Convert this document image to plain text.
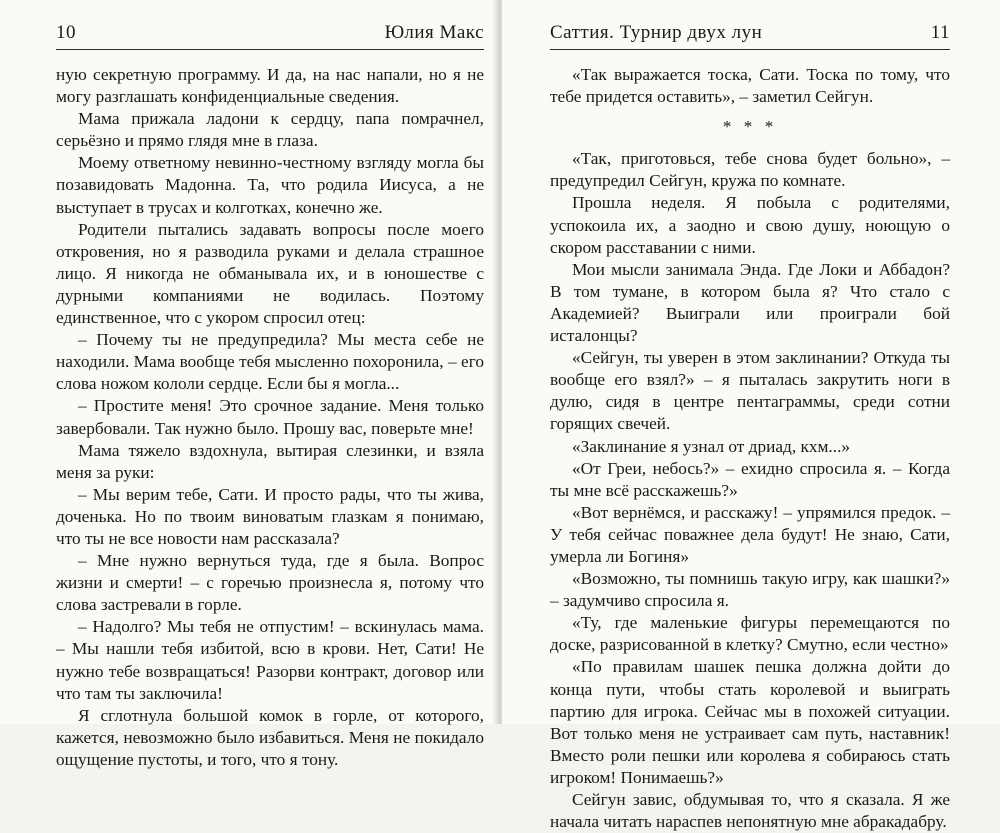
10	Юлия Макс

ную секретную программу. И да, на нас напали, но я не могу разглашать конфиденциальные сведения.

Мама прижала ладони к сердцу, папа помрачнел, серьёзно и прямо глядя мне в глаза.

Моему ответному невинно-честному взгляду могла бы позавидовать Мадонна. Та, что родила Иисуса, а не выступает в трусах и колготках, конечно же.

Родители пытались задавать вопросы после моего откровения, но я разводила руками и делала страшное лицо. Я никогда не обманывала их, и в юношестве с дурными компаниями не водилась. Поэтому единственное, что с укором спросил отец:

– Почему ты не предупредила? Мы места себе не находили. Мама вообще тебя мысленно похоронила, – его слова ножом кололи сердце. Если бы я могла...

– Простите меня! Это срочное задание. Меня только завербовали. Так нужно было. Прошу вас, поверьте мне!

Мама тяжело вздохнула, вытирая слезинки, и взяла меня за руки:

– Мы верим тебе, Сати. И просто рады, что ты жива, доченька. Но по твоим виноватым глазкам я понимаю, что ты не все новости нам рассказала?

– Мне нужно вернуться туда, где я была. Вопрос жизни и смерти! – с горечью произнесла я, потому что слова застревали в горле.

– Надолго? Мы тебя не отпустим! – вскинулась мама. – Мы нашли тебя избитой, всю в крови. Нет, Сати! Не нужно тебе возвращаться! Разорви контракт, договор или что там ты заключила!

Я сглотнула большой комок в горле, от которого, кажется, невозможно было избавиться. Меня не покидало ощущение пустоты, и того, что я тону.

Саттия. Турнир двух лун	11

«Так выражается тоска, Сати. Тоска по тому, что тебе придется оставить», – заметил Сейгун.

* * *

«Так, приготовься, тебе снова будет больно», – предупредил Сейгун, кружа по комнате.

Прошла неделя. Я побыла с родителями, успокоила их, а заодно и свою душу, ноющую о скором расставании с ними.

Мои мысли занимала Энда. Где Локи и Аббадон? В том тумане, в котором была я? Что стало с Академией? Выиграли или проиграли бой исталонцы?

«Сейгун, ты уверен в этом заклинании? Откуда ты вообще его взял?» – я пыталась закрутить ноги в дулю, сидя в центре пентаграммы, среди сотни горящих свечей.

«Заклинание я узнал от дриад, кхм...»

«От Греи, небось?» – ехидно спросила я. – Когда ты мне всё расскажешь?»

«Вот вернёмся, и расскажу! – упрямился предок. – У тебя сейчас поважнее дела будут! Не знаю, Сати, умерла ли Богиня»

«Возможно, ты помнишь такую игру, как шашки?» – задумчиво спросила я.

«Ту, где маленькие фигуры перемещаются по доске, разрисованной в клетку? Смутно, если честно»

«По правилам шашек пешка должна дойти до конца пути, чтобы стать королевой и выиграть партию для игрока. Сейчас мы в похожей ситуации. Вот только меня не устраивает сам путь, наставник! Вместо роли пешки или королева я собираюсь стать игроком! Понимаешь?»

Сейгун завис, обдумывая то, что я сказала. Я же начала читать нараспев непонятную мне абракадабру.
